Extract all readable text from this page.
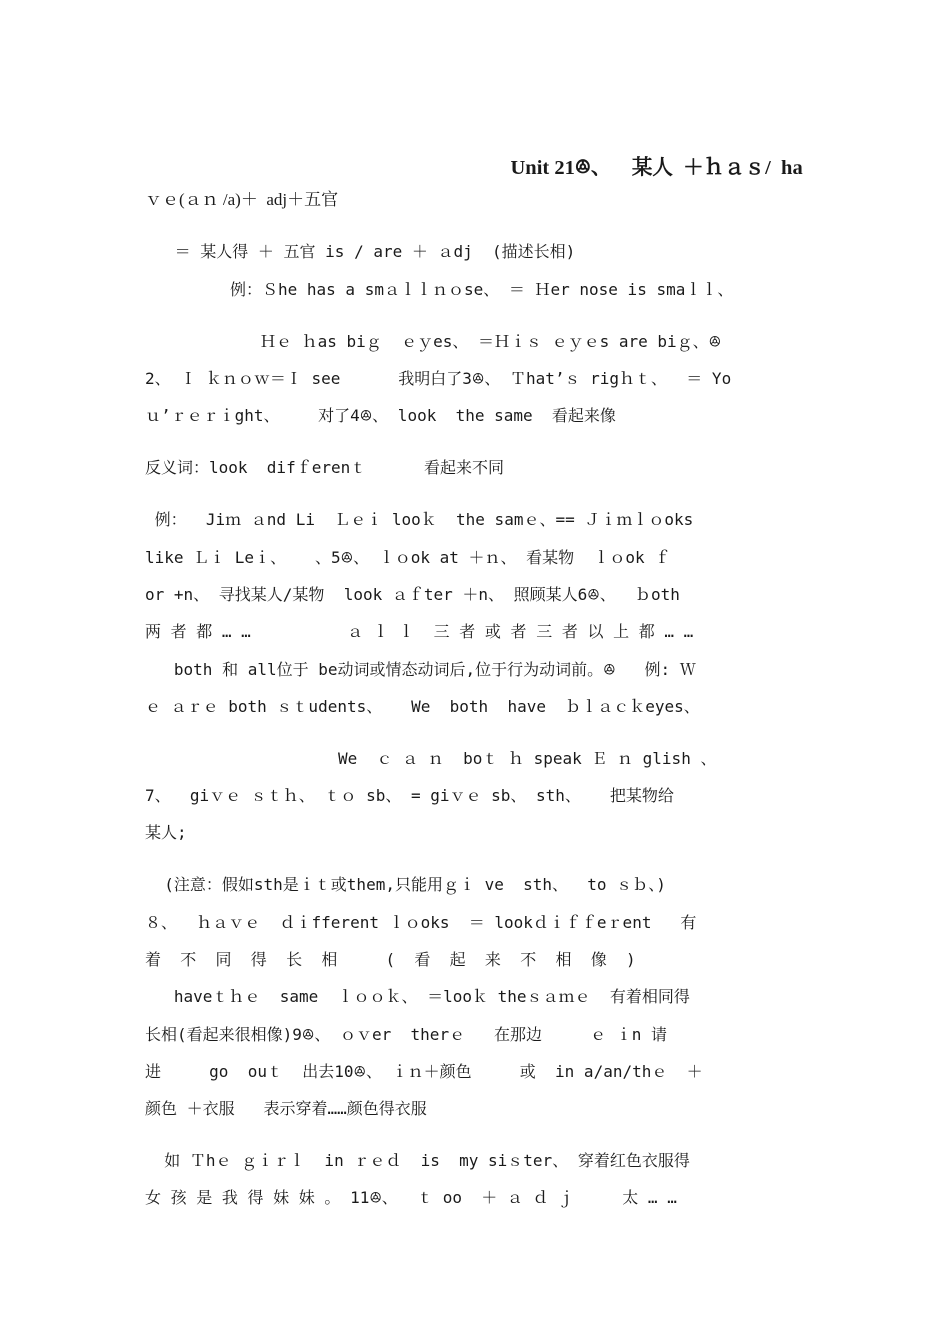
Unit 21ꔮ、    某人  ＋ｈａｓ/  ha

ｖｅ(ａｎ /a)＋  adj＋五官
＝ 某人得 ＋ 五官 is / are ＋ ａdj  (描述长相)
例：Ｓhe has a smａｌｌｎｏse、 ＝ Ｈer nose is smaｌｌ、
Ｈｅ ｈas biｇ  ｅｙes、 ＝Ｈｉｓ ｅｙｅs are biｇ、ꔮ
2、 Ｉ ｋｎｏｗ＝Ｉ see      我明白了3ꔮ、 Ｔhat’ｓ rigｈｔ、  ＝ Yo
ｕ’ｒｅｒｉght、    对了4ꔮ、 look  the same  看起来像
反义词：look  difｆerenｔ      看起来不同
例：  Jiｍ ａnd Li  Ｌｅｉ looｋ  the samｅ、== Ｊｉｍｌｏoks
like Ｌｉ Leｉ、   、5ꔮ、 ｌｏok at ＋ｎ、 看某物  ｌｏok ｆ
or +n、 寻找某人/某物  look ａｆter ＋n、 照顾某人6ꔮ、  ｂoth
两 者 都 … …          ａ ｌ ｌ  三 者 或 者 三 者 以 上 都 … …
both 和 all位于 be动词或情态动词后,位于行为动词前。ꔮ   例: Ｗ
ｅ ａｒｅ both ｓｔudents、   We  both  have  ｂｌａｃｋeyes、
We  ｃ ａ ｎ  boｔ ｈ speak Ｅ ｎ glish 、
7、  giｖｅ ｓｔｈ、 ｔｏ sb、 = giｖｅ sb、 sth、   把某物给
某人;
(注意：假如sth是ｉｔ或them,只能用ｇｉ ve  sth、  to ｓｂ、)
８、  ｈａｖｅ  ｄｉfferent ｌｏoks  ＝ lookｄｉｆｆeｒent   有
着  不  同  得  长  相     (  看  起  来  不  相  像  )
haveｔｈｅ  same  ｌｏｏｋ、 ＝looｋ theｓａｍｅ  有着相同得
长相(看起来很相像)9ꔮ、 ｏｖer  therｅ   在那边     ｅ ｉn 请
进     go  ouｔ  出去10ꔮ、 ｉｎ＋颜色     或  in a/an/thｅ  ＋
颜色 ＋衣服   表示穿着……颜色得衣服
如 Ｔhｅ ｇｉｒｌ  in ｒｅｄ  is  my siｓter、 穿着红色衣服得
女 孩 是 我 得 妹 妹 。 11ꔮ、  ｔ oo  ＋ ａ ｄ ｊ     太 … …
